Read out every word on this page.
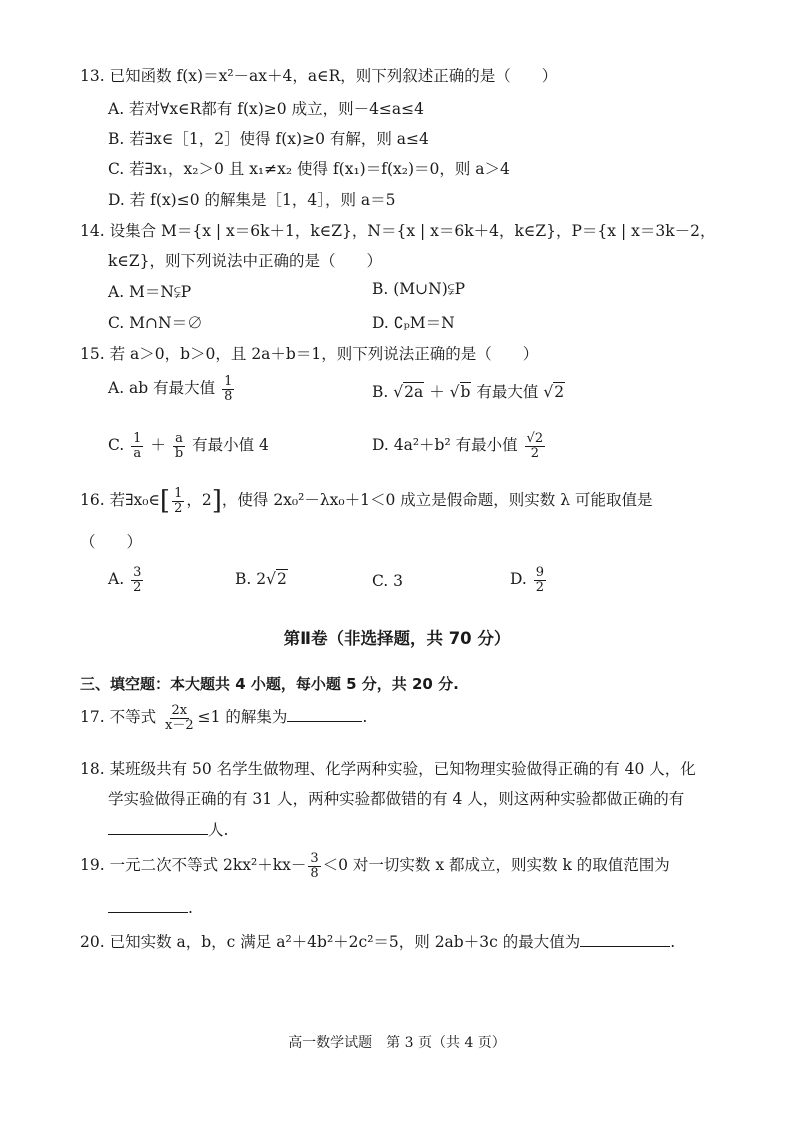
13. 已知函数 f(x)＝x²－ax＋4，a∈R，则下列叙述正确的是（　　）
A. 若对∀x∈R都有 f(x)≥0 成立，则－4≤a≤4
B. 若∃x∈［1，2］使得 f(x)≥0 有解，则 a≤4
C. 若∃x₁，x₂＞0 且 x₁≠x₂ 使得 f(x₁)＝f(x₂)＝0，则 a＞4
D. 若 f(x)≤0 的解集是［1，4］，则 a＝5
14. 设集合 M＝{x | x＝6k＋1，k∈Z}，N＝{x | x＝6k＋4，k∈Z}，P＝{x | x＝3k－2，
k∈Z}，则下列说法中正确的是（　　）
A. M＝N⫋P	B. (M∪N)⫋P
C. M∩N＝∅	D. ∁ₚM＝N
15. 若 a＞0，b＞0，且 2a＋b＝1，则下列说法正确的是（　　）
A. ab 有最大值 $\frac{1}{8}$	B. √2a ＋ √b 有最大值 √2
C. $\frac{1}{a} + \frac{a}{b}$ 有最小值 4	D. 4a²＋b² 有最小值 $\frac{√2}{2}$
16. 若∃x₀∈[ $\frac{1}{2}$ ，2]，使得 2x₀²－λx₀＋1＜0 成立是假命题，则实数 λ 可能取值是
（　　）
A. $\frac{3}{2}$	B. 2√2	C. 3	D. $\frac{9}{2}$
第Ⅱ卷（非选择题，共 70 分）
三、填空题：本大题共 4 小题，每小题 5 分，共 20 分.
17. 不等式 $\frac{2x}{x-2} \le 1$ 的解集为	.
18. 某班级共有 50 名学生做物理、化学两种实验，已知物理实验做得正确的有 40 人，化
学实验做得正确的有 31 人，两种实验都做错的有 4 人，则这两种实验都做正确的有
人.
19. 一元二次不等式 $2kx^2+kx- \frac{3}{8} <0$ 对一切实数 x 都成立，则实数 k 的取值范围为
.
20. 已知实数 a，b，c 满足 a²＋4b²＋2c²＝5，则 2ab＋3c 的最大值为	.
高一数学试题　第 3 页（共 4 页）
